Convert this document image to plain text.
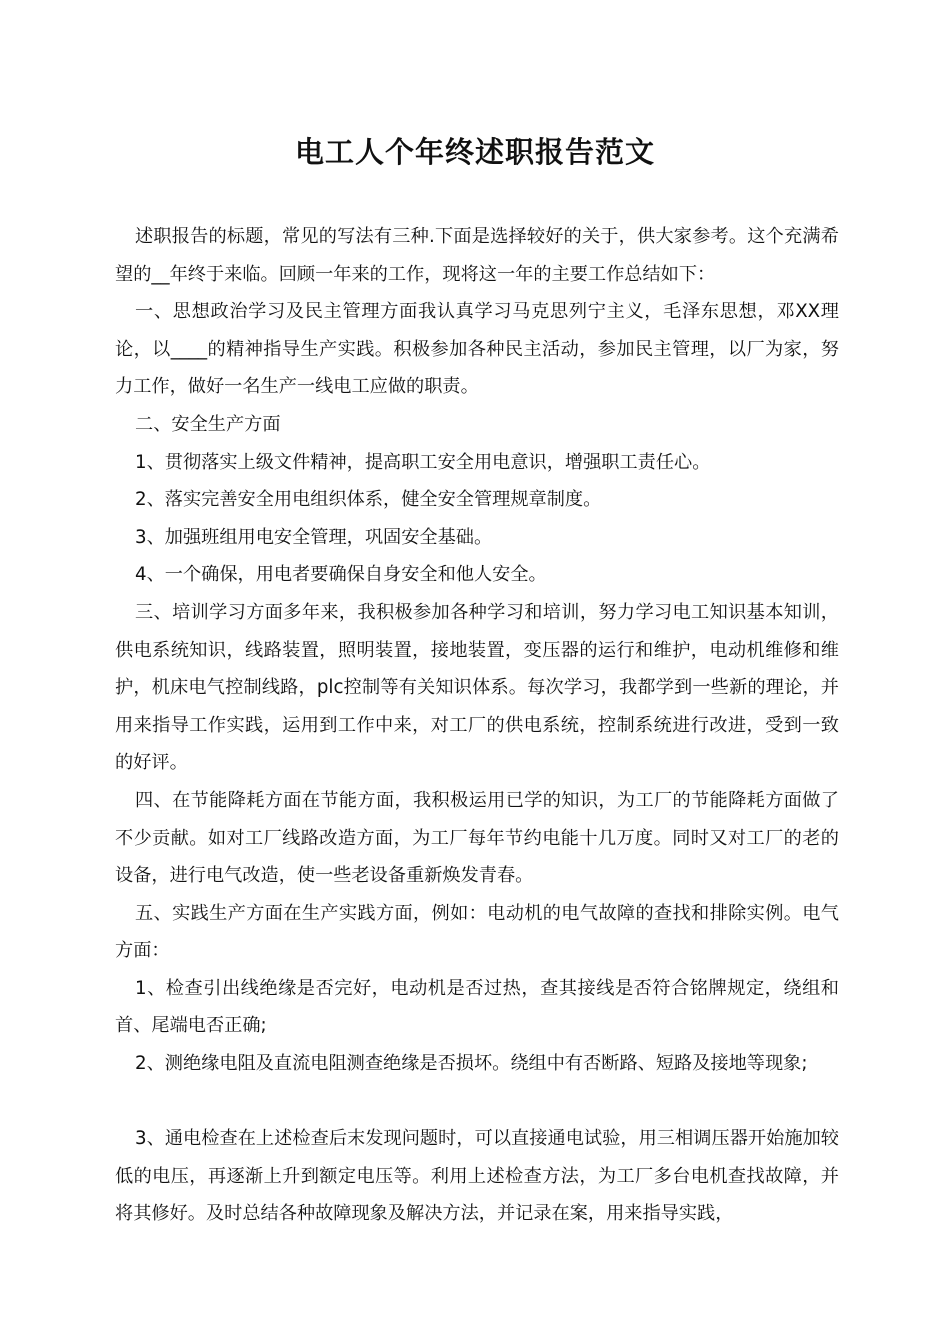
电工人个年终述职报告范文

述职报告的标题，常见的写法有三种.下面是选择较好的关于，供大家参考。这个充满希望的__年终于来临。回顾一年来的工作，现将这一年的主要工作总结如下：

一、思想政治学习及民主管理方面我认真学习马克思列宁主义，毛泽东思想，邓XX理论，以____的精神指导生产实践。积极参加各种民主活动，参加民主管理，以厂为家，努力工作，做好一名生产一线电工应做的职责。

二、安全生产方面

1、贯彻落实上级文件精神，提高职工安全用电意识，增强职工责任心。

2、落实完善安全用电组织体系，健全安全管理规章制度。

3、加强班组用电安全管理，巩固安全基础。

4、一个确保，用电者要确保自身安全和他人安全。

三、培训学习方面多年来，我积极参加各种学习和培训，努力学习电工知识基本知训，供电系统知识，线路装置，照明装置，接地装置，变压器的运行和维护，电动机维修和维护，机床电气控制线路，plc控制等有关知识体系。每次学习，我都学到一些新的理论，并用来指导工作实践，运用到工作中来，对工厂的供电系统，控制系统进行改进，受到一致的好评。

四、在节能降耗方面在节能方面，我积极运用已学的知识，为工厂的节能降耗方面做了不少贡献。如对工厂线路改造方面，为工厂每年节约电能十几万度。同时又对工厂的老的设备，进行电气改造，使一些老设备重新焕发青春。

五、实践生产方面在生产实践方面，例如：电动机的电气故障的查找和排除实例。电气方面：

1、检查引出线绝缘是否完好，电动机是否过热，查其接线是否符合铭牌规定，绕组和首、尾端电否正确;

2、测绝缘电阻及直流电阻测查绝缘是否损坏。绕组中有否断路、短路及接地等现象;

3、通电检查在上述检查后末发现问题时，可以直接通电试验，用三相调压器开始施加较低的电压，再逐渐上升到额定电压等。利用上述检查方法，为工厂多台电机查找故障，并将其修好。及时总结各种故障现象及解决方法，并记录在案，用来指导实践，
